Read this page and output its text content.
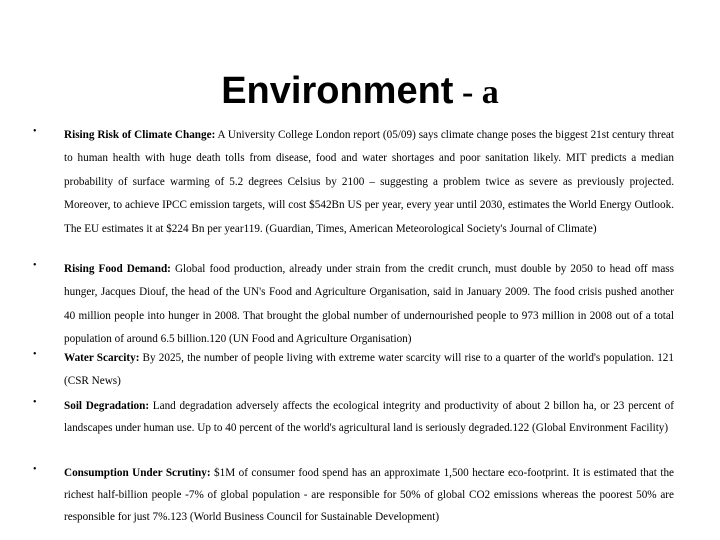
Environment - a
• Rising Risk of Climate Change: A University College London report (05/09) says climate change poses the biggest 21st century threat to human health with huge death tolls from disease, food and water shortages and poor sanitation likely. MIT predicts a median probability of surface warming of 5.2 degrees Celsius by 2100 – suggesting a problem twice as severe as previously projected. Moreover, to achieve IPCC emission targets, will cost $542Bn US per year, every year until 2030, estimates the World Energy Outlook. The EU estimates it at $224 Bn per year119. (Guardian, Times, American Meteorological Society's Journal of Climate)

• Rising Food Demand: Global food production, already under strain from the credit crunch, must double by 2050 to head off mass hunger, Jacques Diouf, the head of the UN's Food and Agriculture Organisation, said in January 2009. The food crisis pushed another 40 million people into hunger in 2008. That brought the global number of undernourished people to 973 million in 2008 out of a total population of around 6.5 billion.120 (UN Food and Agriculture Organisation)

• Water Scarcity: By 2025, the number of people living with extreme water scarcity will rise to a quarter of the world's population. 121 (CSR News)

• Soil Degradation: Land degradation adversely affects the ecological integrity and productivity of about 2 billon ha, or 23 percent of landscapes under human use. Up to 40 percent of the world's agricultural land is seriously degraded.122 (Global Environment Facility)

• Consumption Under Scrutiny: $1M of consumer food spend has an approximate 1,500 hectare eco-footprint. It is estimated that the richest half-billion people -7% of global population - are responsible for 50% of global CO2 emissions whereas the poorest 50% are responsible for just 7%.123 (World Business Council for Sustainable Development)
